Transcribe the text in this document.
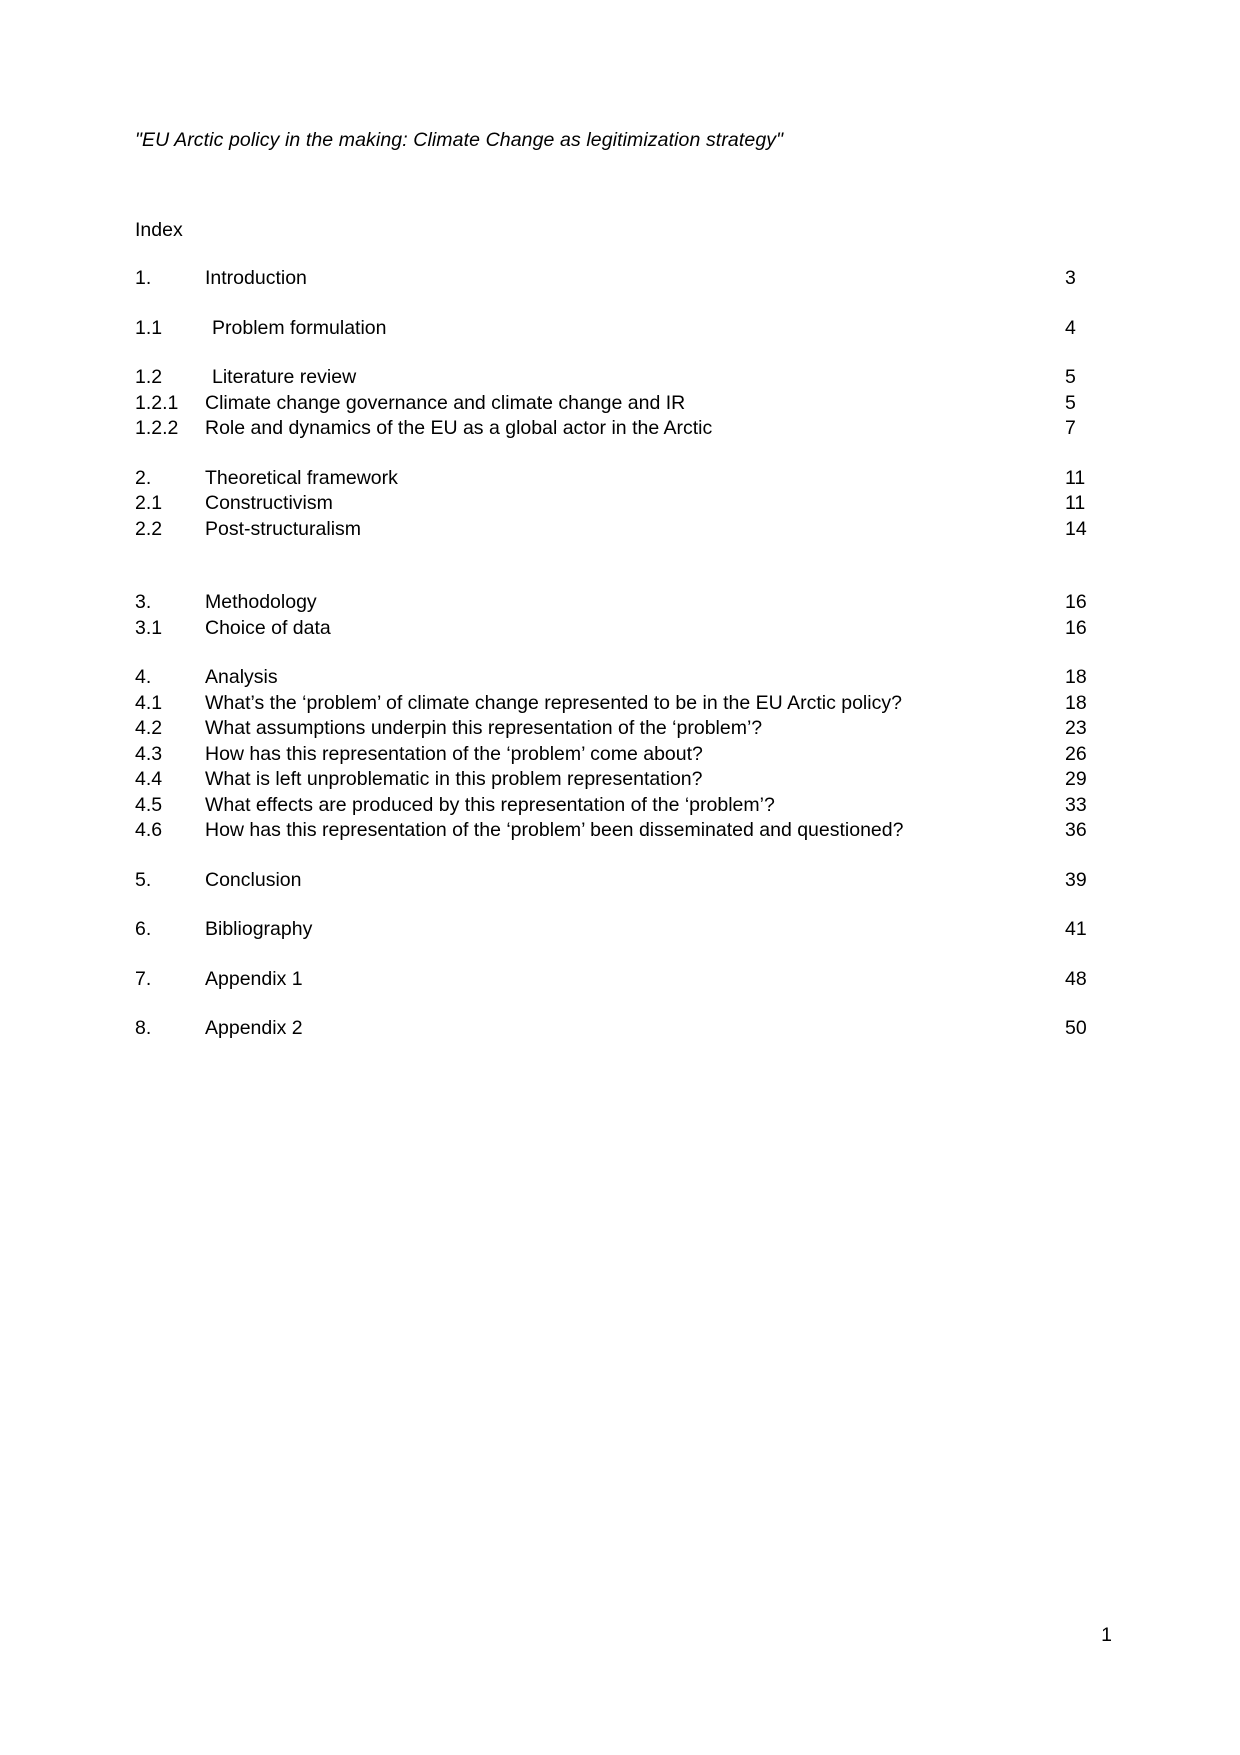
"EU Arctic policy in the making: Climate Change as legitimization strategy"
Index
1.	Introduction	3
1.1	Problem formulation	4
1.2	Literature review	5
1.2.1	Climate change governance and climate change and IR	5
1.2.2	Role and dynamics of the EU as a global actor in the Arctic	7
2.	Theoretical framework	11
2.1	Constructivism	11
2.2	Post-structuralism	14
3.	Methodology	16
3.1	Choice of data	16
4.	Analysis	18
4.1	What’s the ‘problem’ of climate change represented to be in the EU Arctic policy?	18
4.2	What assumptions underpin this representation of the ‘problem’?	23
4.3	How has this representation of the ‘problem’ come about?	26
4.4	What is left unproblematic in this problem representation?	29
4.5	What effects are produced by this representation of the ‘problem’?	33
4.6	How has this representation of the ‘problem’ been disseminated and questioned?	36
5.	Conclusion	39
6.	Bibliography	41
7.	Appendix 1	48
8.	Appendix 2	50
1
